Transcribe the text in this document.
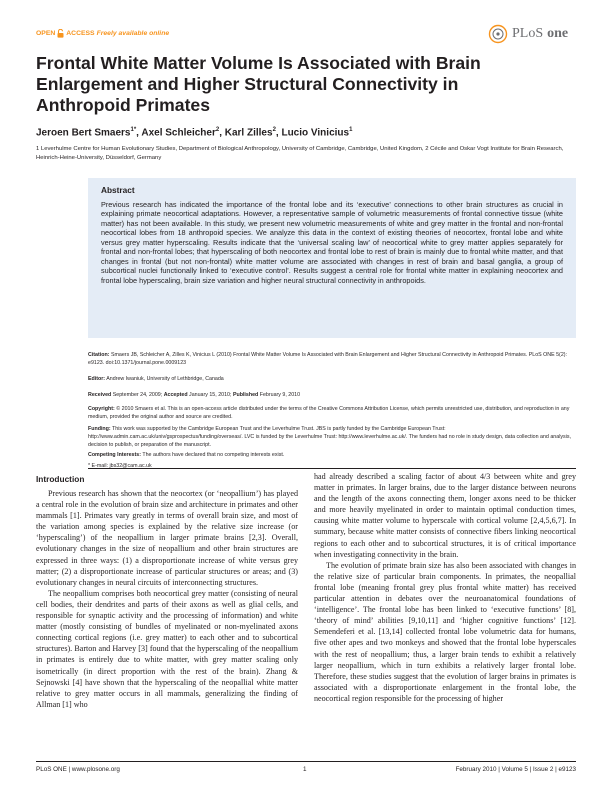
OPEN ACCESS Freely available online	PLoS one
Frontal White Matter Volume Is Associated with Brain Enlargement and Higher Structural Connectivity in Anthropoid Primates

Jeroen Bert Smaers$^{1*}$, Axel Schleicher$^2$, Karl Zilles$^2$, Lucio Vinicius$^1$

1 Leverhulme Centre for Human Evolutionary Studies, Department of Biological Anthropology, University of Cambridge, Cambridge, United Kingdom, 2 Cécile and Oskar Vogt Institute for Brain Research, Heinrich-Heine-University, Düsseldorf, Germany

Abstract

Previous research has indicated the importance of the frontal lobe and its ‘executive’ connections to other brain structures as crucial in explaining primate neocortical adaptations. However, a representative sample of volumetric measurements of frontal connective tissue (white matter) has not been available. In this study, we present new volumetric measurements of white and grey matter in the frontal and non-frontal neocortical lobes from 18 anthropoid species. We analyze this data in the context of existing theories of neocortex, frontal lobe and white versus grey matter hyperscaling. Results indicate that the ‘universal scaling law’ of neocortical white to grey matter applies separately for frontal and non-frontal lobes; that hyperscaling of both neocortex and frontal lobe to rest of brain is mainly due to frontal white matter, and that changes in frontal (but not non-frontal) white matter volume are associated with changes in rest of brain and basal ganglia, a group of subcortical nuclei functionally linked to ‘executive control’. Results suggest a central role for frontal white matter in explaining neocortex and frontal lobe hyperscaling, brain size variation and higher neural structural connectivity in anthropoids.

Citation: Smaers JB, Schleicher A, Zilles K, Vinicius L (2010) Frontal White Matter Volume Is Associated with Brain Enlargement and Higher Structural Connectivity in Anthropoid Primates. PLoS ONE 5(2): e9123. doi:10.1371/journal.pone.0009123

Editor: Andrew Iwaniuk, University of Lethbridge, Canada

Received September 24, 2009; Accepted January 15, 2010; Published February 9, 2010

Copyright: © 2010 Smaers et al. This is an open-access article distributed under the terms of the Creative Commons Attribution License, which permits unrestricted use, distribution, and reproduction in any medium, provided the original author and source are credited.

Funding: This work was supported by the Cambridge European Trust and the Leverhulme Trust. JBS is partly funded by the Cambridge European Trust: http://www.admin.cam.ac.uk/univ/gsprospectus/funding/overseas/. LVC is funded by the Leverhulme Trust: http://www.leverhulme.ac.uk/. The funders had no role in study design, data collection and analysis, decision to publish, or preparation of the manuscript.

Competing Interests: The authors have declared that no competing interests exist.

* E-mail: jbs32@cam.ac.uk

Introduction

Previous research has shown that the neocortex (or ‘neopallium’) has played a central role in the evolution of brain size and architecture in primates and other mammals [1]. Primates vary greatly in terms of overall brain size, and most of the variation among species is explained by the relative size increase (or ‘hyperscaling’) of the neopallium in larger primate brains [2,3]. Overall, evolutionary changes in the size of neopallium and other brain structures are expressed in three ways: (1) a disproportionate increase of white versus grey matter; (2) a disproportionate increase of particular structures or areas; and (3) evolutionary changes in neural circuits of interconnecting structures.

The neopallium comprises both neocortical grey matter (consisting of neural cell bodies, their dendrites and parts of their axons as well as glial cells, and responsible for synaptic activity and the processing of information) and white matter (mostly consisting of bundles of myelinated or non-myelinated axons connecting cortical regions (i.e. grey matter) to each other and to subcortical structures). Barton and Harvey [3] found that the hyperscaling of the neopallium in primates is entirely due to white matter, with grey matter scaling only isometrically (in direct proportion with the rest of the brain). Zhang & Sejnowski [4] have shown that the hyperscaling of the neopallial white matter relative to grey matter occurs in all mammals, generalizing the finding of Allman [1] who

had already described a scaling factor of about 4/3 between white and grey matter in primates. In larger brains, due to the larger distance between neurons and the length of the axons connecting them, longer axons need to be thicker and more heavily myelinated in order to maintain optimal conduction times, causing white matter volume to hyperscale with cortical volume [2,4,5,6,7]. In summary, because white matter consists of connective fibers linking neocortical regions to each other and to subcortical structures, it is of critical importance when investigating connectivity in the brain.

The evolution of primate brain size has also been associated with changes in the relative size of particular brain components. In primates, the neopallial frontal lobe (meaning frontal grey plus frontal white matter) has received particular attention in debates over the neuroanatomical foundations of ‘intelligence’. The frontal lobe has been linked to ‘executive functions’ [8], ‘theory of mind’ abilities [9,10,11] and ‘higher cognitive functions’ [12]. Semendeferi et al. [13,14] collected frontal lobe volumetric data for humans, five other apes and two monkeys and showed that the frontal lobe hyperscales with the rest of neopallium; thus, a larger brain tends to exhibit a relatively larger neopallium, which in turn exhibits a relatively larger frontal lobe. Therefore, these studies suggest that the evolution of larger brains in primates is associated with a disproportionate enlargement in the frontal lobe, the neocortical region responsible for the processing of higher

PLoS ONE | www.plosone.org	1	February 2010 | Volume 5 | Issue 2 | e9123
